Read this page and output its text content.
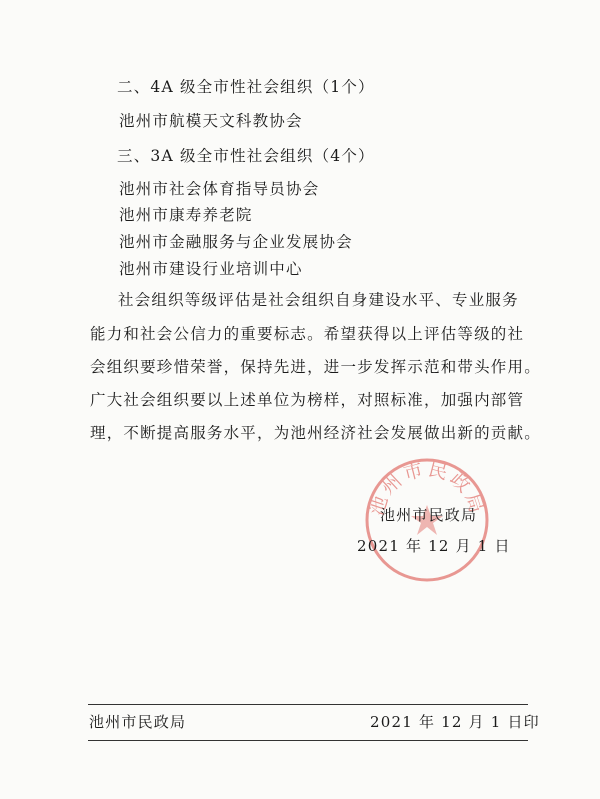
二、4A 级全市性社会组织（1个）
池州市航模天文科教协会
三、3A 级全市性社会组织（4个）
池州市社会体育指导员协会
池州市康寿养老院
池州市金融服务与企业发展协会
池州市建设行业培训中心
社会组织等级评估是社会组织自身建设水平、专业服务
能力和社会公信力的重要标志。希望获得以上评估等级的社
会组织要珍惜荣誉，保持先进，进一步发挥示范和带头作用。
广大社会组织要以上述单位为榜样，对照标准，加强内部管
理，不断提高服务水平，为池州经济社会发展做出新的贡献。
池州市民政局
池州市民政局
2021 年 12 月 1 日
池州市民政局	2021 年 12 月 1 日印
